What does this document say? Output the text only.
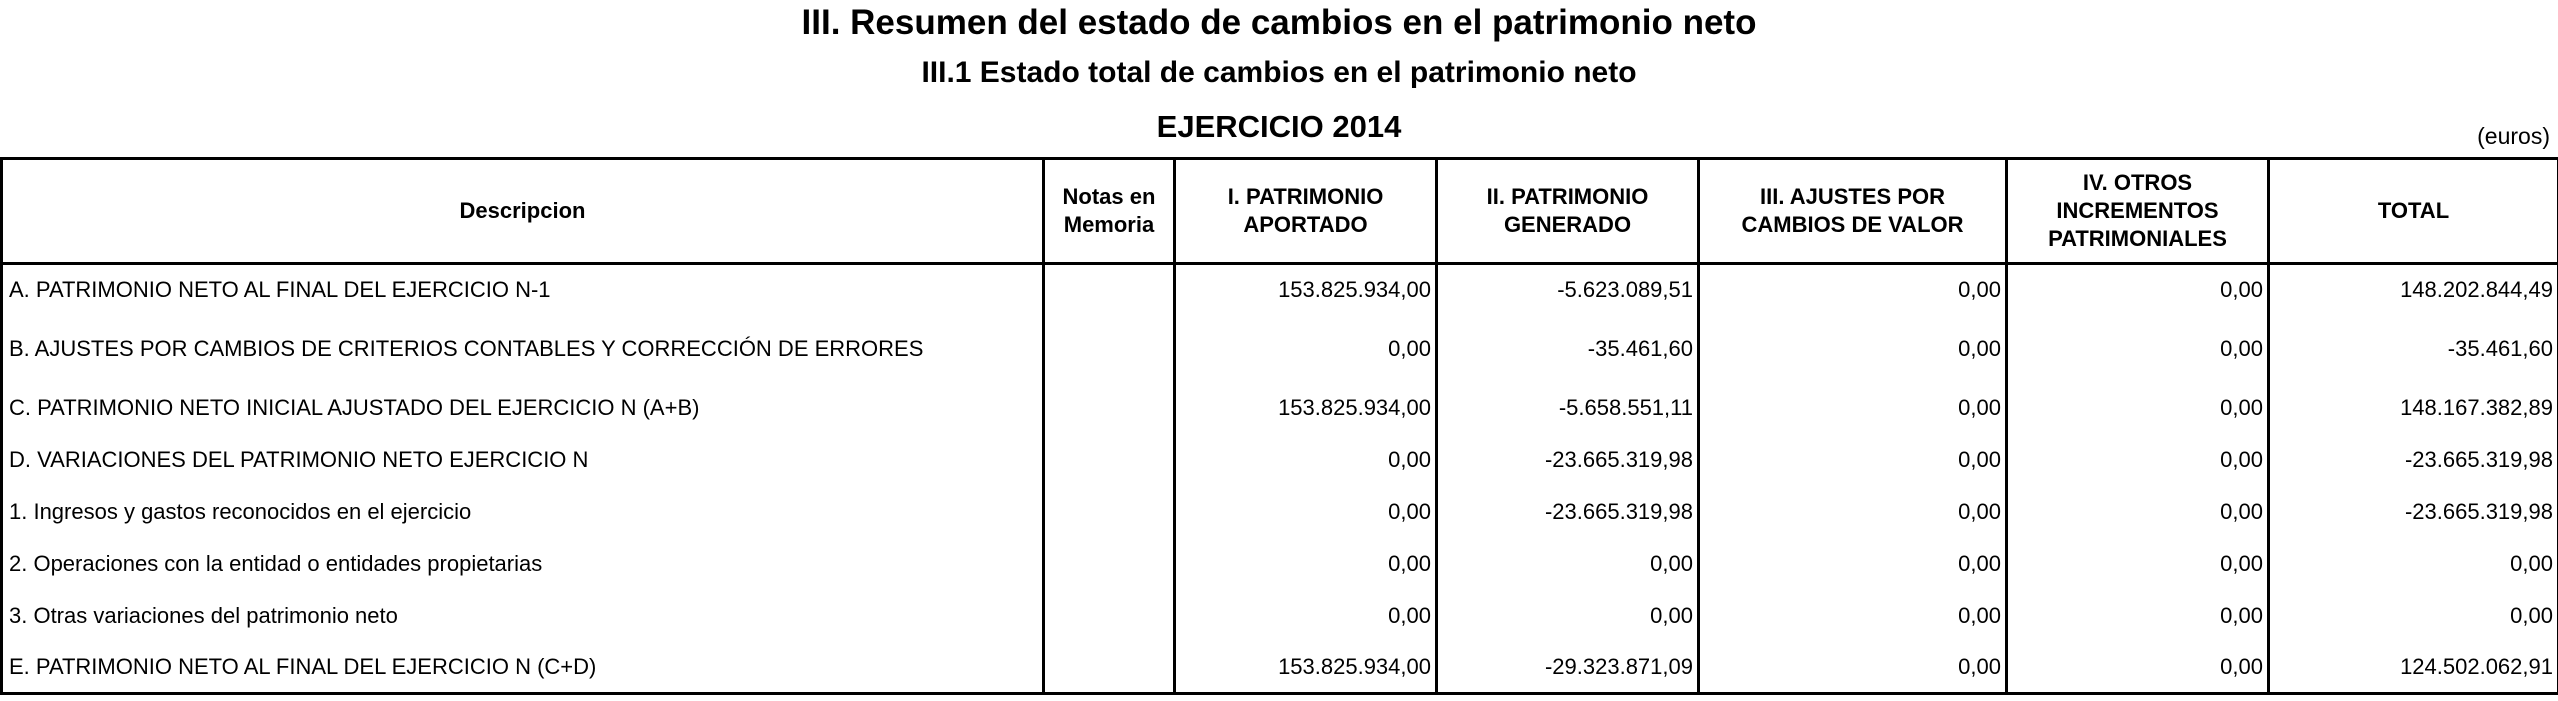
III. Resumen del estado de cambios en el patrimonio neto
III.1 Estado total de cambios en el patrimonio neto
EJERCICIO 2014	(euros)
Descripcion	Notas en Memoria	I. PATRIMONIO APORTADO	II. PATRIMONIO GENERADO	III. AJUSTES POR CAMBIOS DE VALOR	IV. OTROS INCREMENTOS PATRIMONIALES	TOTAL
A. PATRIMONIO NETO AL FINAL DEL EJERCICIO N-1		153.825.934,00	-5.623.089,51	0,00	0,00	148.202.844,49
B. AJUSTES POR CAMBIOS DE CRITERIOS CONTABLES Y CORRECCIÓN DE ERRORES		0,00	-35.461,60	0,00	0,00	-35.461,60
C. PATRIMONIO NETO INICIAL AJUSTADO DEL EJERCICIO N (A+B)		153.825.934,00	-5.658.551,11	0,00	0,00	148.167.382,89
D. VARIACIONES DEL PATRIMONIO NETO EJERCICIO N		0,00	-23.665.319,98	0,00	0,00	-23.665.319,98
1. Ingresos y gastos reconocidos en el ejercicio		0,00	-23.665.319,98	0,00	0,00	-23.665.319,98
2. Operaciones con la entidad o entidades propietarias		0,00	0,00	0,00	0,00	0,00
3. Otras variaciones del patrimonio neto		0,00	0,00	0,00	0,00	0,00
E. PATRIMONIO NETO AL FINAL DEL EJERCICIO N (C+D)		153.825.934,00	-29.323.871,09	0,00	0,00	124.502.062,91
